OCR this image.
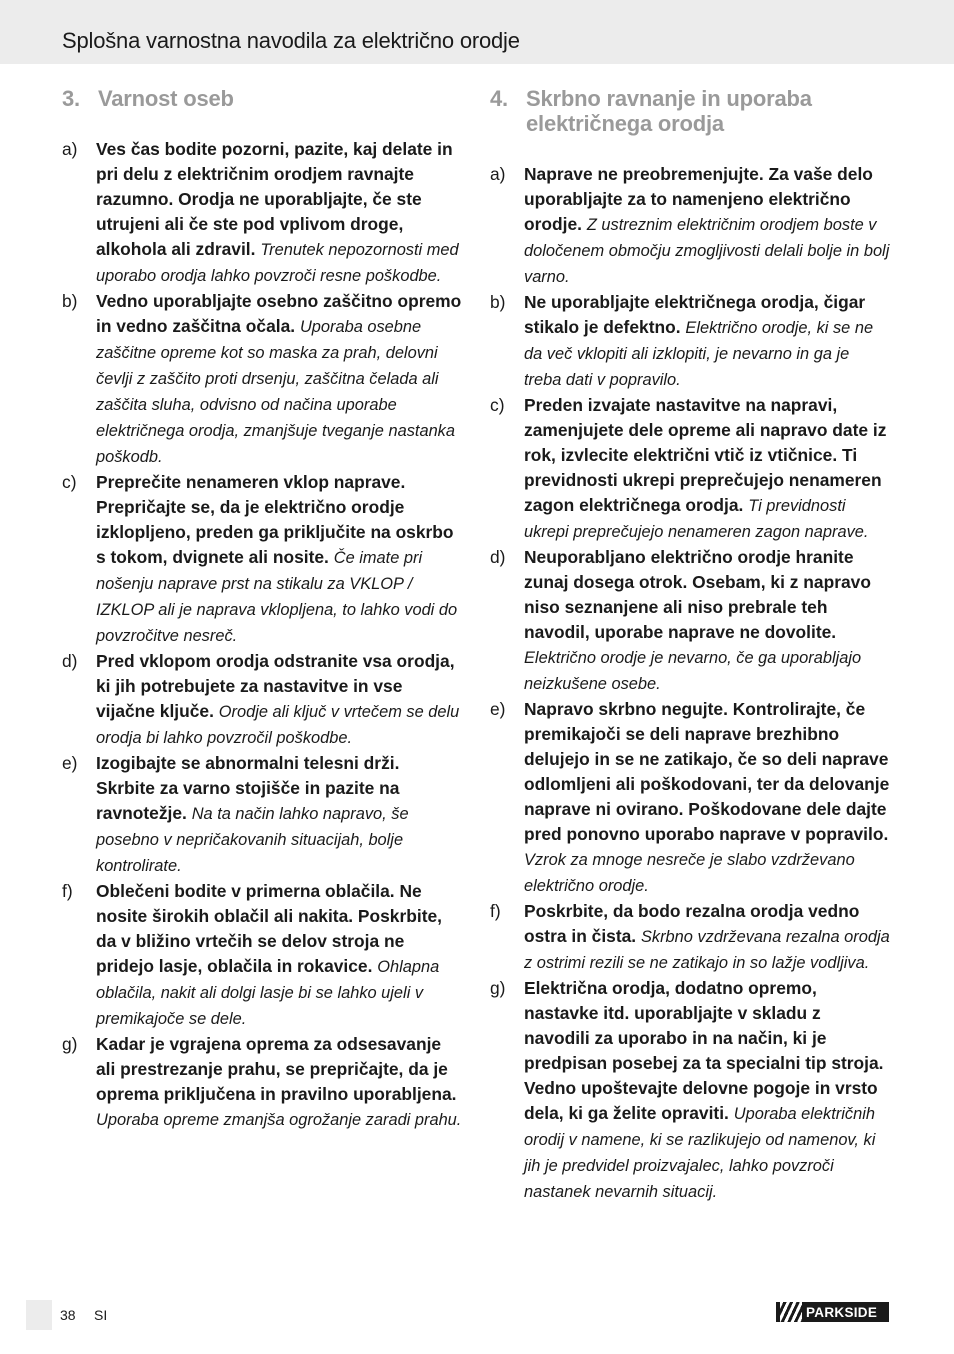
Splošna varnostna navodila za električno orodje
3. Varnost oseb
a)	Ves čas bodite pozorni, pazite, kaj delate in pri delu z električnim orodjem ravnajte razumno. Orodja ne uporabljajte, če ste utrujeni ali če ste pod vplivom droge, alkohola ali zdravil. Trenutek nepozornosti med uporabo orodja lahko povzroči resne poškodbe.
b)	Vedno uporabljajte osebno zaščitno opremo in vedno zaščitna očala. Uporaba osebne zaščitne opreme kot so maska za prah, delovni čevlji z zaščito proti drsenju, zaščitna čelada ali zaščita sluha, odvisno od načina uporabe električnega orodja, zmanjšuje tveganje nastanka poškodb.
c)	Preprečite nenameren vklop naprave. Prepričajte se, da je električno orodje izklopljeno, preden ga priključite na oskrbo s tokom, dvignete ali nosite. Če imate pri nošenju naprave prst na stikalu za VKLOP / IZKLOP ali je naprava vklopljena, to lahko vodi do povzročitve nesreč.
d)	Pred vklopom orodja odstranite vsa orodja, ki jih potrebujete za nastavitve in vse vijačne ključe. Orodje ali ključ v vrtečem se delu orodja bi lahko povzročil poškodbe.
e)	Izogibajte se abnormalni telesni drži. Skrbite za varno stojišče in pazite na ravnotežje. Na ta način lahko napravo, še posebno v nepričakovanih situacijah, bolje kontrolirate.
f)	Oblečeni bodite v primerna oblačila. Ne nosite širokih oblačil ali nakita. Poskrbite, da v bližino vrtečih se delov stroja ne pridejo lasje, oblačila in rokavice. Ohlapna oblačila, nakit ali dolgi lasje bi se lahko ujeli v premikajoče se dele.
g)	Kadar je vgrajena oprema za odsesavanje ali prestrezanje prahu, se prepričajte, da je oprema priključena in pravilno uporabljena. Uporaba opreme zmanjša ogrožanje zaradi prahu.
4. Skrbno ravnanje in uporaba električnega orodja
a)	Naprave ne preobremenjujte. Za vaše delo uporabljajte za to namenjeno električno orodje. Z ustreznim električnim orodjem boste v določenem območju zmogljivosti delali bolje in bolj varno.
b)	Ne uporabljajte električnega orodja, čigar stikalo je defektno. Električno orodje, ki se ne da več vklopiti ali izklopiti, je nevarno in ga je treba dati v popravilo.
c)	Preden izvajate nastavitve na napravi, zamenjujete dele opreme ali napravo date iz rok, izvlecite električni vtič iz vtičnice. Ti previdnosti ukrepi preprečujejo nenameren zagon električnega orodja. Ti previdnosti ukrepi preprečujejo nenameren zagon naprave.
d)	Neuporabljano električno orodje hranite zunaj dosega otrok. Osebam, ki z napravo niso seznanjene ali niso prebrale teh navodil, uporabe naprave ne dovolite. Električno orodje je nevarno, če ga uporabljajo neizkušene osebe.
e)	Napravo skrbno negujte. Kontrolirajte, če premikajoči se deli naprave brezhibno delujejo in se ne zatikajo, če so deli naprave odlomljeni ali poškodovani, ter da delovanje naprave ni ovirano. Poškodovane dele dajte pred ponovno uporabo naprave v popravilo. Vzrok za mnoge nesreče je slabo vzdrževano električno orodje.
f)	Poskrbite, da bodo rezalna orodja vedno ostra in čista. Skrbno vzdrževana rezalna orodja z ostrimi rezili se ne zatikajo in so lažje vodljiva.
g)	Električna orodja, dodatno opremo, nastavke itd. uporabljajte v skladu z navodili za uporabo in na način, ki je predpisan posebej za ta specialni tip stroja. Vedno upoštevajte delovne pogoje in vrsto dela, ki ga želite opraviti. Uporaba električnih orodij v namene, ki se razlikujejo od namenov, ki jih je predvidel proizvajalec, lahko povzroči nastanek nevarnih situacij.
38 SI	PARKSIDE
